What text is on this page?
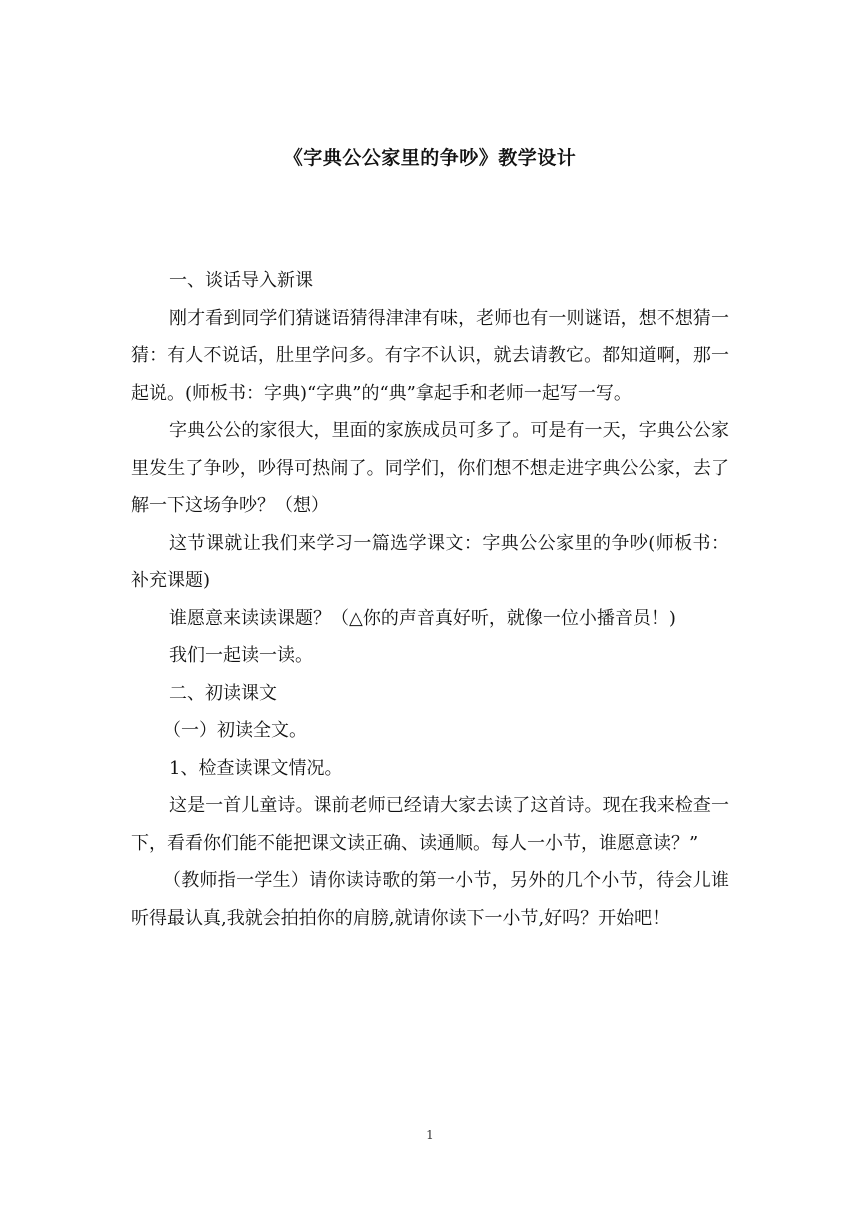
《字典公公家里的争吵》教学设计

一、谈话导入新课

刚才看到同学们猜谜语猜得津津有味，老师也有一则谜语，想不想猜一猜：有人不说话，肚里学问多。有字不认识，就去请教它。都知道啊，那一起说。(师板书：字典)“字典”的“典”拿起手和老师一起写一写。

字典公公的家很大，里面的家族成员可多了。可是有一天，字典公公家里发生了争吵，吵得可热闹了。同学们，你们想不想走进字典公公家，去了解一下这场争吵？（想）

这节课就让我们来学习一篇选学课文：字典公公家里的争吵(师板书：补充课题)

谁愿意来读读课题？（△你的声音真好听，就像一位小播音员！)

我们一起读一读。

二、初读课文

（一）初读全文。

1、检查读课文情况。

这是一首儿童诗。课前老师已经请大家去读了这首诗。现在我来检查一下，看看你们能不能把课文读正确、读通顺。每人一小节，谁愿意读？”

（教师指一学生）请你读诗歌的第一小节，另外的几个小节，待会儿谁听得最认真,我就会拍拍你的肩膀,就请你读下一小节,好吗？开始吧！

1
